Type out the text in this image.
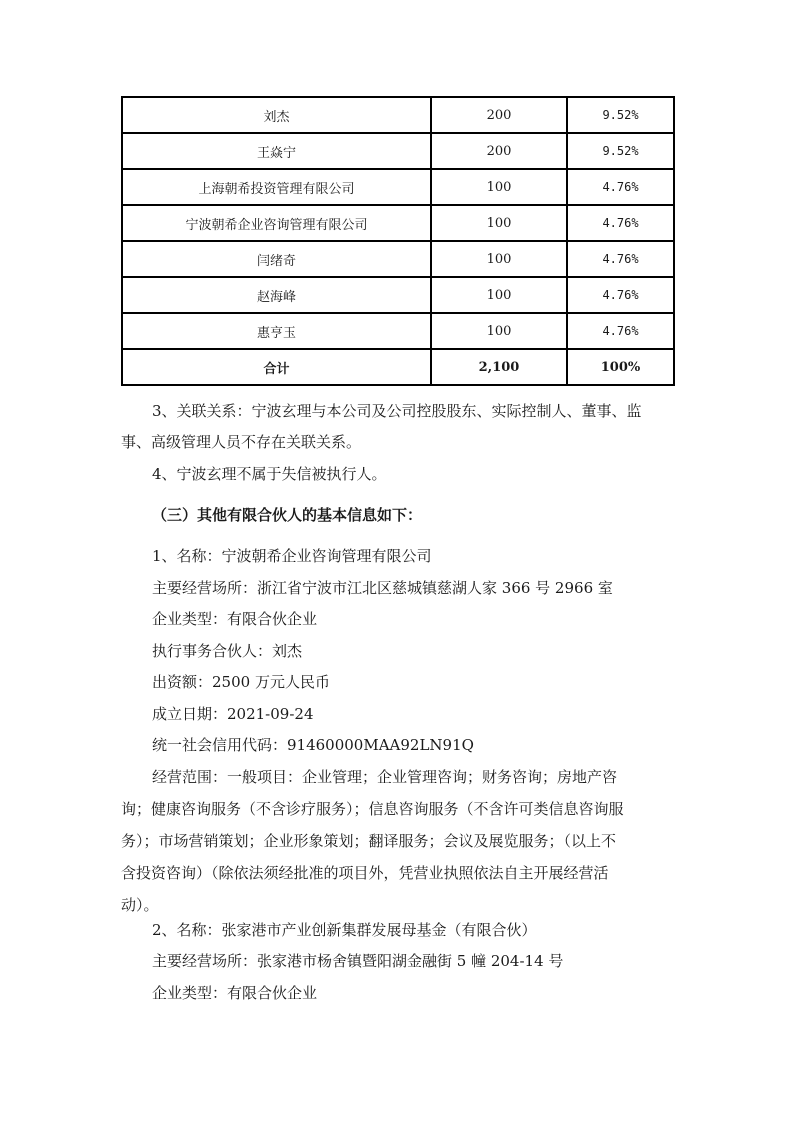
刘杰	200	9.52%
王焱宁	200	9.52%
上海朝希投资管理有限公司	100	4.76%
宁波朝希企业咨询管理有限公司	100	4.76%
闫绪奇	100	4.76%
赵海峰	100	4.76%
惠亨玉	100	4.76%
合计	2,100	100%
3、关联关系：宁波玄理与本公司及公司控股股东、实际控制人、董事、监
事、高级管理人员不存在关联关系。
4、宁波玄理不属于失信被执行人。
（三）其他有限合伙人的基本信息如下：
1、名称：宁波朝希企业咨询管理有限公司
主要经营场所：浙江省宁波市江北区慈城镇慈湖人家 366 号 2966 室
企业类型：有限合伙企业
执行事务合伙人：刘杰
出资额：2500 万元人民币
成立日期：2021-09-24
统一社会信用代码：91460000MAA92LN91Q
经营范围：一般项目：企业管理；企业管理咨询；财务咨询；房地产咨
询；健康咨询服务（不含诊疗服务）；信息咨询服务（不含许可类信息咨询服
务）；市场营销策划；企业形象策划；翻译服务；会议及展览服务；（以上不
含投资咨询）（除依法须经批准的项目外，凭营业执照依法自主开展经营活
动）。
2、名称：张家港市产业创新集群发展母基金（有限合伙）
主要经营场所：张家港市杨舍镇暨阳湖金融街 5 幢 204-14 号
企业类型：有限合伙企业
